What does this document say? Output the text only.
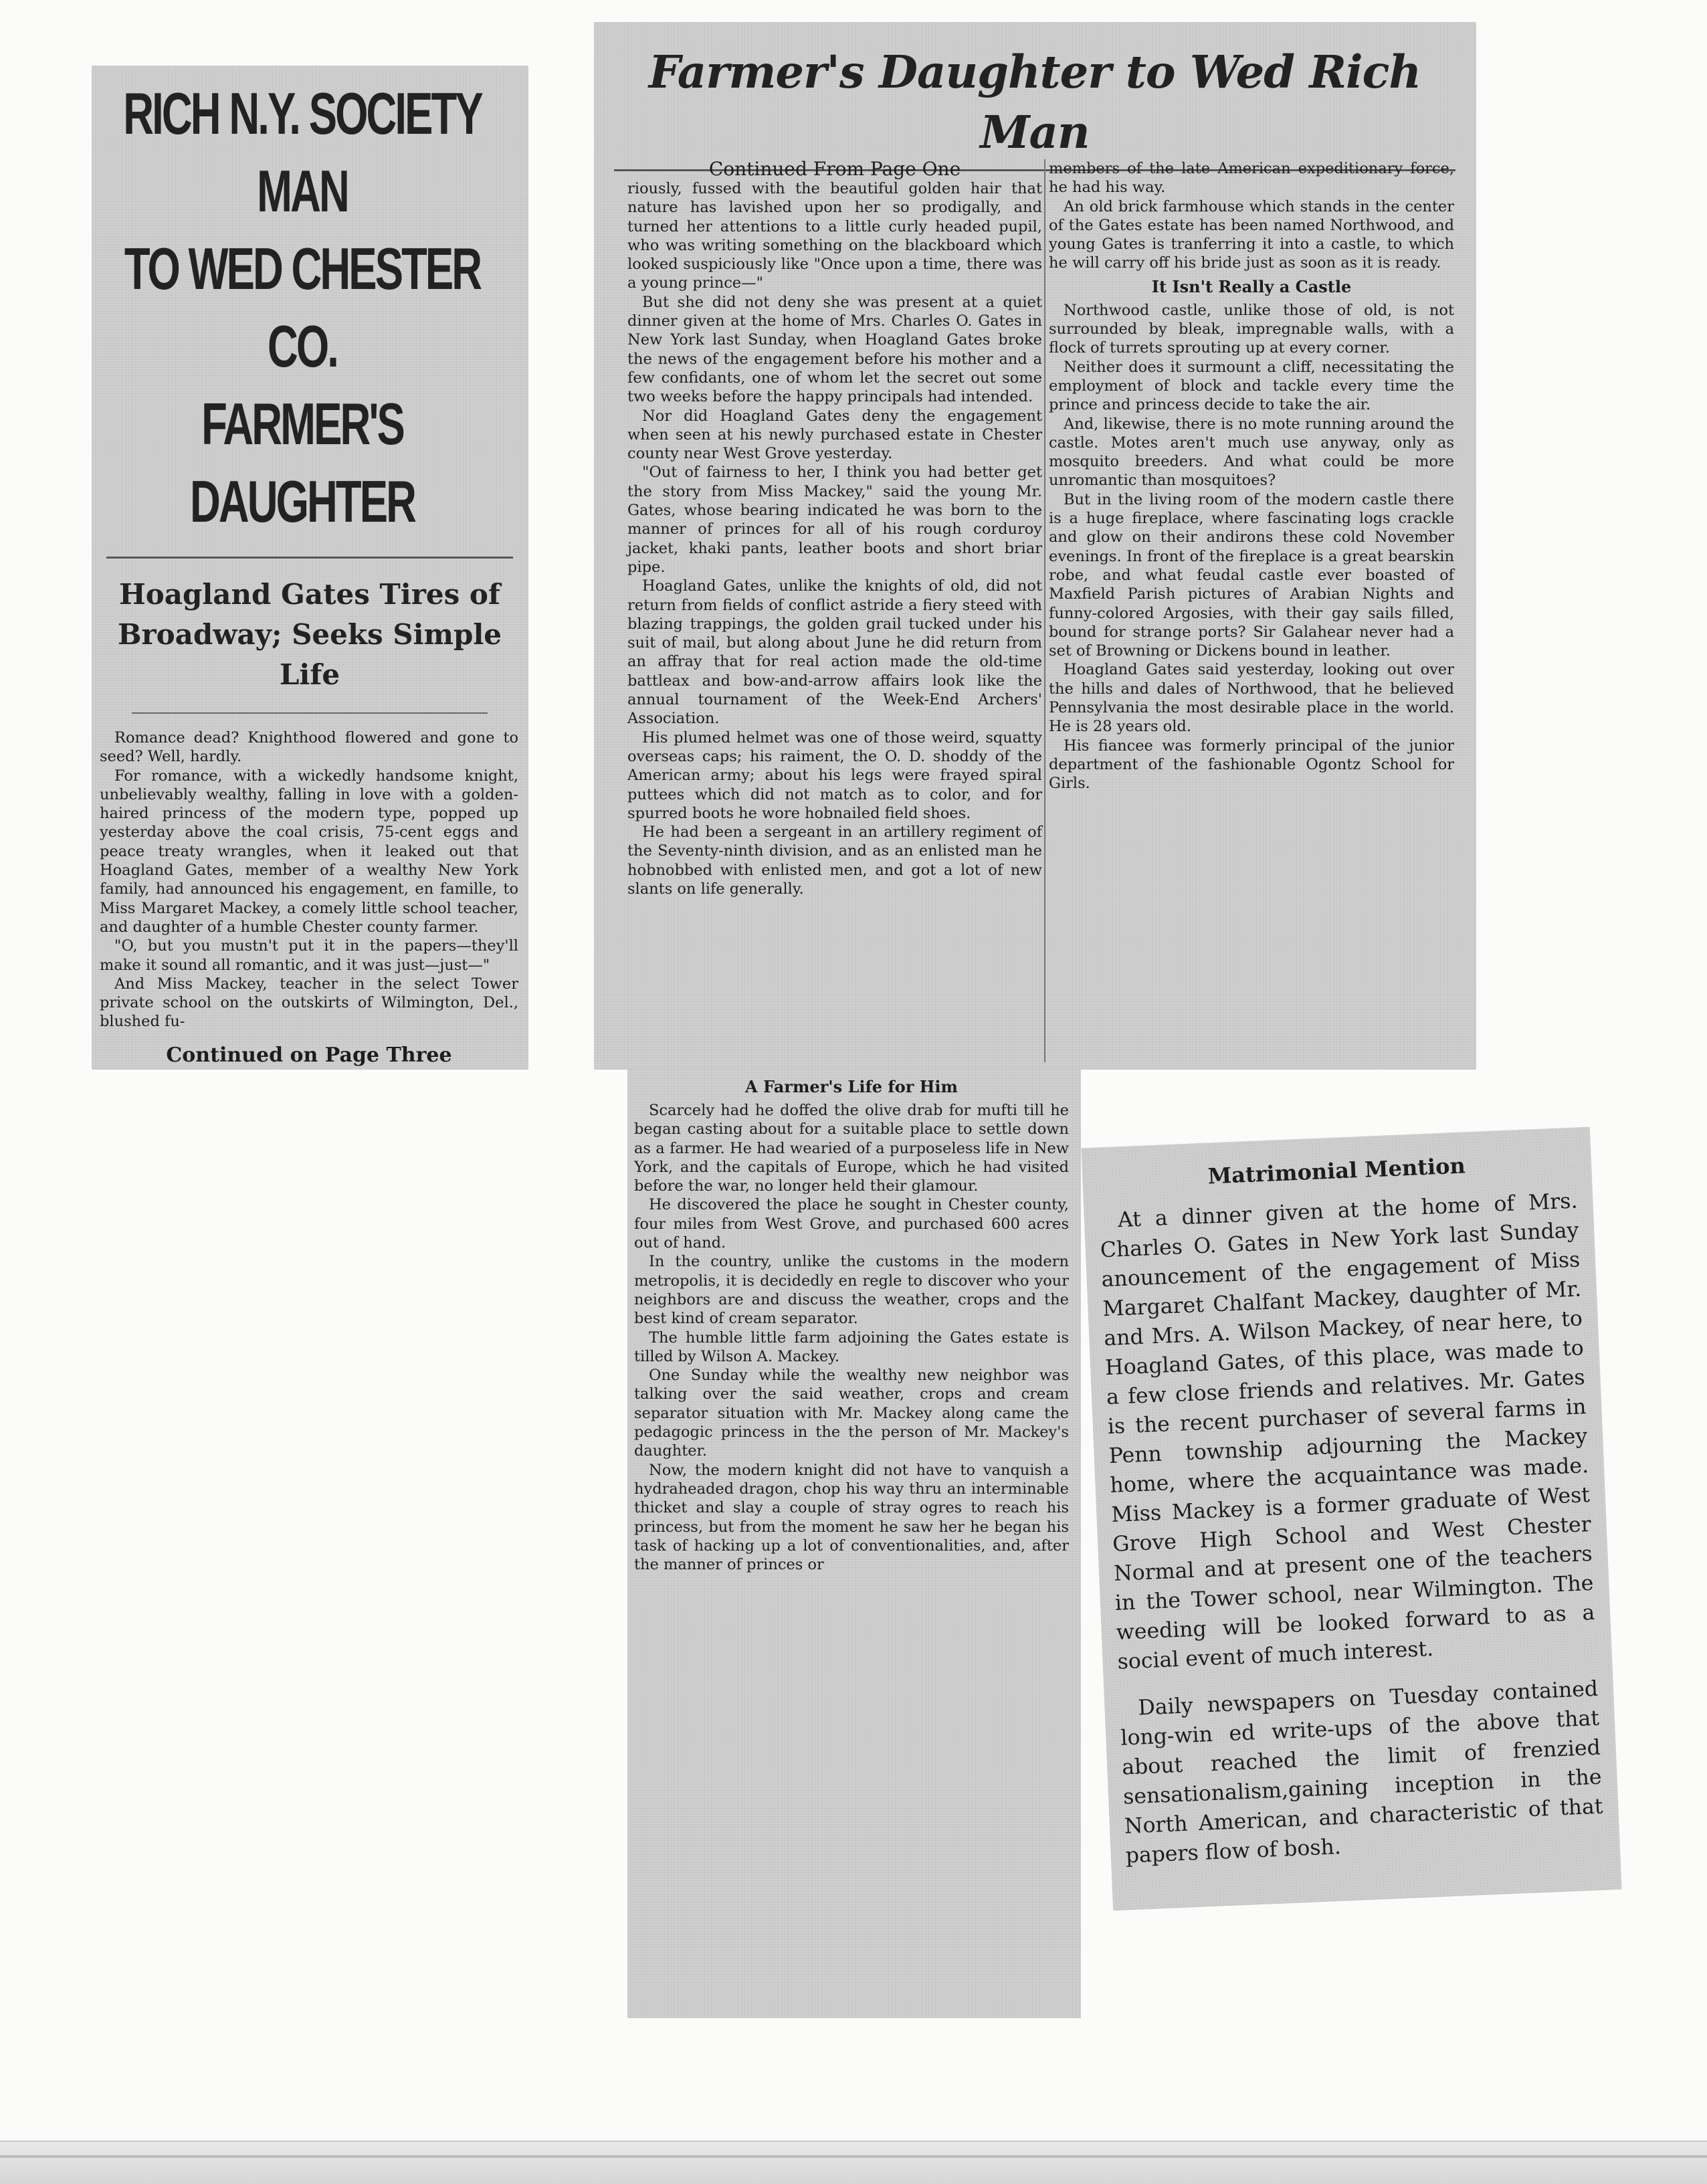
RICH N.Y. SOCIETY MAN
TO WED CHESTER CO.
FARMER'S DAUGHTER
Hoagland Gates Tires of Broadway; Seeks Simple Life

Romance dead? Knighthood flowered and gone to seed? Well, hardly.

For romance, with a wickedly handsome knight, unbelievably wealthy, falling in love with a golden-haired princess of the modern type, popped up yesterday above the coal crisis, 75-cent eggs and peace treaty wrangles, when it leaked out that Hoagland Gates, member of a wealthy New York family, had announced his engagement, en famille, to Miss Margaret Mackey, a comely little school teacher, and daughter of a humble Chester county farmer.

"O, but you mustn't put it in the papers—they'll make it sound all romantic, and it was just—just—"

And Miss Mackey, teacher in the select Tower private school on the outskirts of Wilmington, Del., blushed fu-

Continued on Page Three
Farmer's Daughter to Wed Rich Man

Continued From Page One

riously, fussed with the beautiful golden hair that nature has lavished upon her so prodigally, and turned her attentions to a little curly headed pupil, who was writing something on the blackboard which looked suspiciously like "Once upon a time, there was a young prince—"

But she did not deny she was present at a quiet dinner given at the home of Mrs. Charles O. Gates in New York last Sunday, when Hoagland Gates broke the news of the engagement before his mother and a few confidants, one of whom let the secret out some two weeks before the happy principals had intended.

Nor did Hoagland Gates deny the engagement when seen at his newly purchased estate in Chester county near West Grove yesterday.

"Out of fairness to her, I think you had better get the story from Miss Mackey," said the young Mr. Gates, whose bearing indicated he was born to the manner of princes for all of his rough corduroy jacket, khaki pants, leather boots and short briar pipe.

Hoagland Gates, unlike the knights of old, did not return from fields of conflict astride a fiery steed with blazing trappings, the golden grail tucked under his suit of mail, but along about June he did return from an affray that for real action made the old-time battleax and bow-and-arrow affairs look like the annual tournament of the Week-End Archers' Association.

His plumed helmet was one of those weird, squatty overseas caps; his raiment, the O. D. shoddy of the American army; about his legs were frayed spiral puttees which did not match as to color, and for spurred boots he wore hobnailed field shoes.

He had been a sergeant in an artillery regiment of the Seventy-ninth division, and as an enlisted man he hobnobbed with enlisted men, and got a lot of new slants on life generally.

members of the late American expeditionary force, he had his way.

An old brick farmhouse which stands in the center of the Gates estate has been named Northwood, and young Gates is tranferring it into a castle, to which he will carry off his bride just as soon as it is ready.

It Isn't Really a Castle

Northwood castle, unlike those of old, is not surrounded by bleak, impregnable walls, with a flock of turrets sprouting up at every corner.

Neither does it surmount a cliff, necessitating the employment of block and tackle every time the prince and princess decide to take the air.

And, likewise, there is no mote running around the castle. Motes aren't much use anyway, only as mosquito breeders. And what could be more unromantic than mosquitoes?

But in the living room of the modern castle there is a huge fireplace, where fascinating logs crackle and glow on their andirons these cold November evenings. In front of the fireplace is a great bearskin robe, and what feudal castle ever boasted of Maxfield Parish pictures of Arabian Nights and funny-colored Argosies, with their gay sails filled, bound for strange ports? Sir Galahear never had a set of Browning or Dickens bound in leather.

Hoagland Gates said yesterday, looking out over the hills and dales of Northwood, that he believed Pennsylvania the most desirable place in the world. He is 28 years old.

His fiancee was formerly principal of the junior department of the fashionable Ogontz School for Girls.

A Farmer's Life for Him

Scarcely had he doffed the olive drab for mufti till he began casting about for a suitable place to settle down as a farmer. He had wearied of a purposeless life in New York, and the capitals of Europe, which he had visited before the war, no longer held their glamour.

He discovered the place he sought in Chester county, four miles from West Grove, and purchased 600 acres out of hand.

In the country, unlike the customs in the modern metropolis, it is decidedly en regle to discover who your neighbors are and discuss the weather, crops and the best kind of cream separator.

The humble little farm adjoining the Gates estate is tilled by Wilson A. Mackey.

One Sunday while the wealthy new neighbor was talking over the said weather, crops and cream separator situation with Mr. Mackey along came the pedagogic princess in the the person of Mr. Mackey's daughter.

Now, the modern knight did not have to vanquish a hydraheaded dragon, chop his way thru an interminable thicket and slay a couple of stray ogres to reach his princess, but from the moment he saw her he began his task of hacking up a lot of conventionalities, and, after the manner of princes or

Matrimonial Mention

At a dinner given at the home of Mrs. Charles O. Gates in New York last Sunday anouncement of the engagement of Miss Margaret Chalfant Mackey, daughter of Mr. and Mrs. A. Wilson Mackey, of near here, to Hoagland Gates, of this place, was made to a few close friends and relatives. Mr. Gates is the recent purchaser of several farms in Penn township adjourning the Mackey home, where the acquaintance was made. Miss Mackey is a former graduate of West Grove High School and West Chester Normal and at present one of the teachers in the Tower school, near Wilmington. The weeding will be looked forward to as a social event of much interest.

Daily newspapers on Tuesday contained long-win ed write-ups of the above that about reached the limit of frenzied sensationalism,gaining inception in the North American, and characteristic of that papers flow of bosh.
